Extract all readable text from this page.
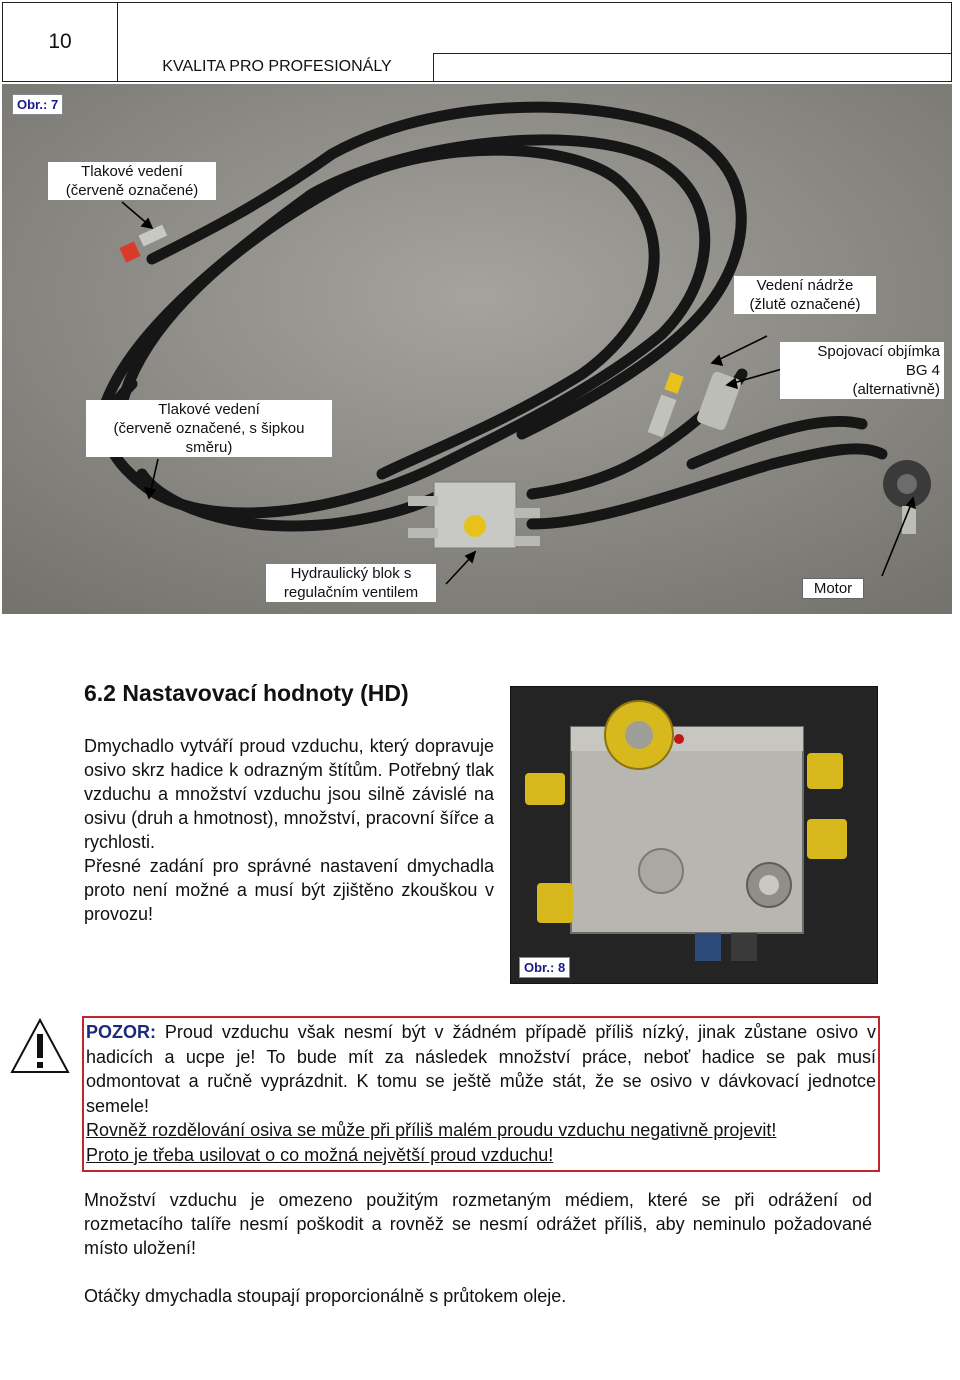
10
KVALITA PRO PROFESIONÁLY
Obr.: 7
Tlakové vedení
(červeně označené)
Vedení nádrže
(žlutě označené)
Spojovací objímka
BG 4
(alternativně)
Tlakové vedení
(červeně označené, s šipkou
směru)
Hydraulický blok s
regulačním ventilem	Motor
6.2 Nastavovací hodnoty (HD)

Dmychadlo vytváří proud vzduchu, který dopravuje osivo skrz hadice k odrazným štítům. Potřebný tlak vzduchu a množství vzduchu jsou silně závislé na osivu (druh a hmotnost), množství, pracovní šířce a rychlosti.

Přesné zadání pro správné nastavení dmychadla proto není možné a musí být zjištěno zkouškou v provozu!

Obr.: 8

POZOR: Proud vzduchu však nesmí být v žádném případě příliš nízký, jinak zůstane osivo v hadicích a ucpe je! To bude mít za následek množství práce, neboť hadice se pak musí odmontovat a ručně vyprázdnit. K tomu se ještě může stát, že se osivo v dávkovací jednotce semele!

Rovněž rozdělování osiva se může při příliš malém proudu vzduchu negativně projevit!

Proto je třeba usilovat o co možná největší proud vzduchu!

Množství vzduchu je omezeno použitým rozmetaným médiem, které se při odrážení od rozmetacího talíře nesmí poškodit a rovněž se nesmí odrážet příliš, aby neminulo požadované místo uložení!

Otáčky dmychadla stoupají proporcionálně s průtokem oleje.
